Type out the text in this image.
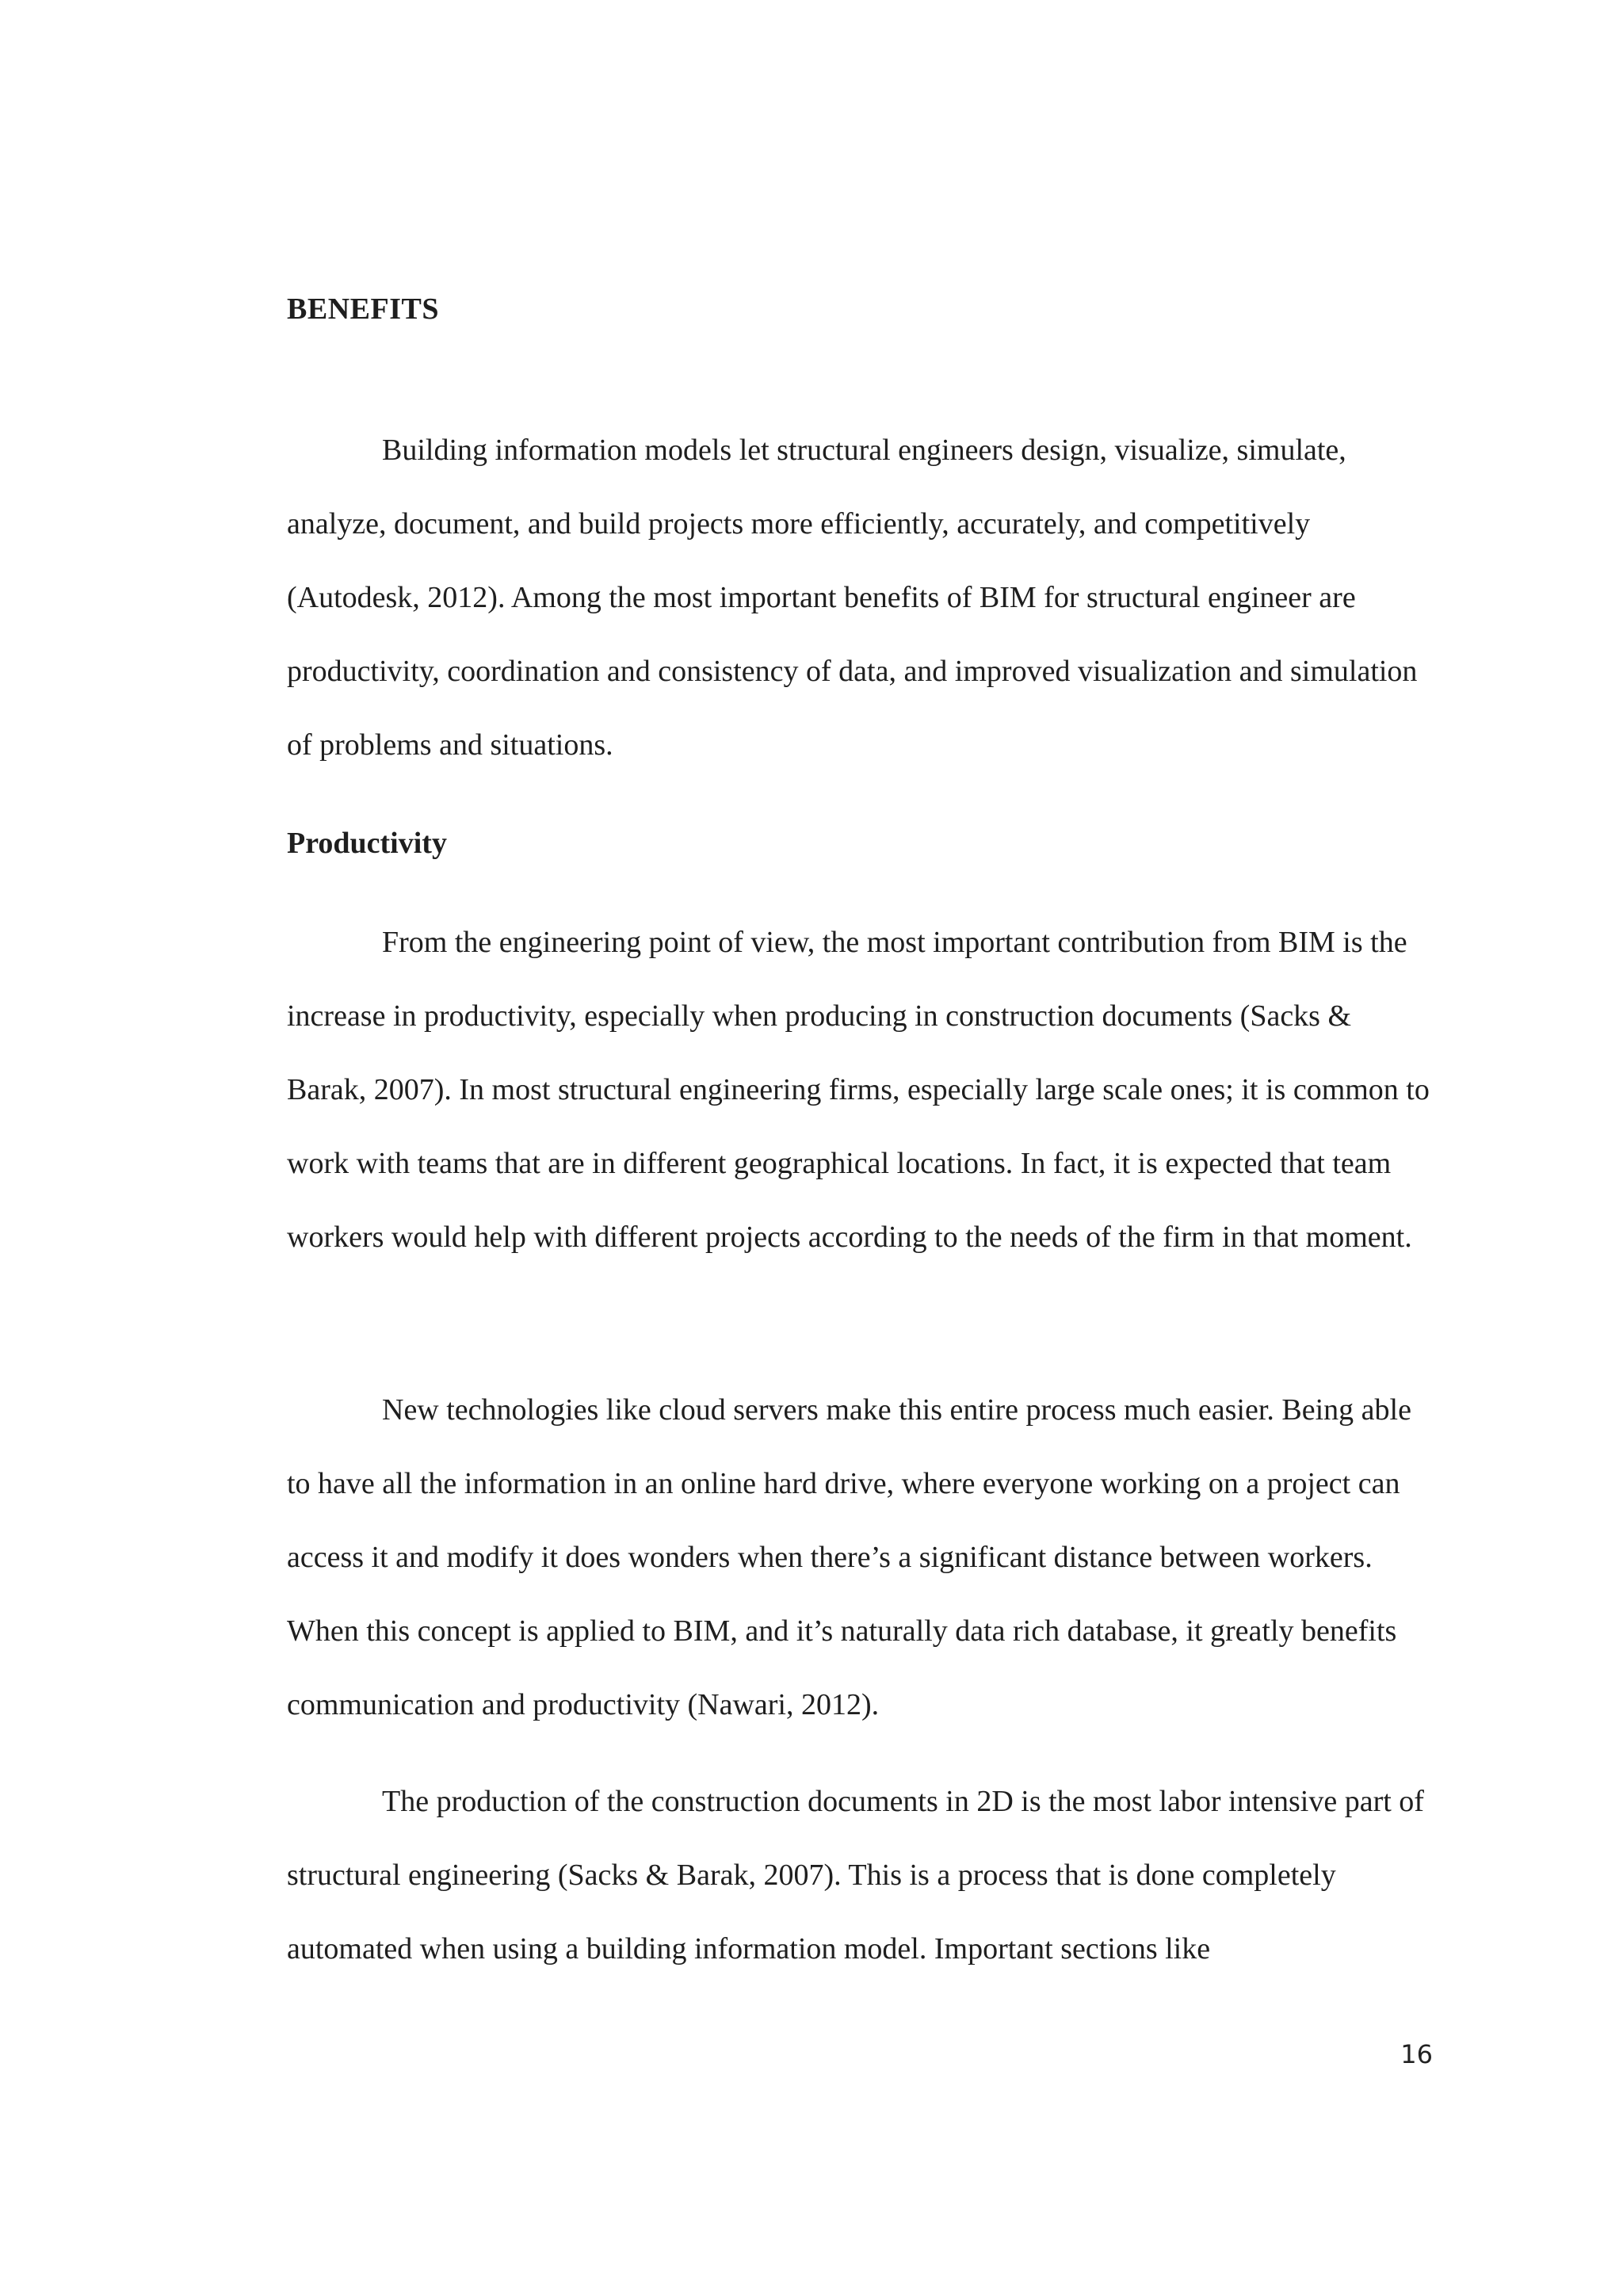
BENEFITS

Building information models let structural engineers design, visualize, simulate, analyze, document, and build projects more efficiently, accurately, and competitively (Autodesk, 2012). Among the most important benefits of BIM for structural engineer are productivity, coordination and consistency of data, and improved visualization and simulation of problems and situations.

Productivity

From the engineering point of view, the most important contribution from BIM is the increase in productivity, especially when producing in construction documents (Sacks & Barak, 2007). In most structural engineering firms, especially large scale ones; it is common to work with teams that are in different geographical locations. In fact, it is expected that team workers would help with different projects according to the needs of the firm in that moment.

New technologies like cloud servers make this entire process much easier. Being able to have all the information in an online hard drive, where everyone working on a project can access it and modify it does wonders when there’s a significant distance between workers. When this concept is applied to BIM, and it’s naturally data rich database, it greatly benefits communication and productivity (Nawari, 2012).

The production of the construction documents in 2D is the most labor intensive part of structural engineering (Sacks & Barak, 2007). This is a process that is done completely automated when using a building information model. Important sections like

16
